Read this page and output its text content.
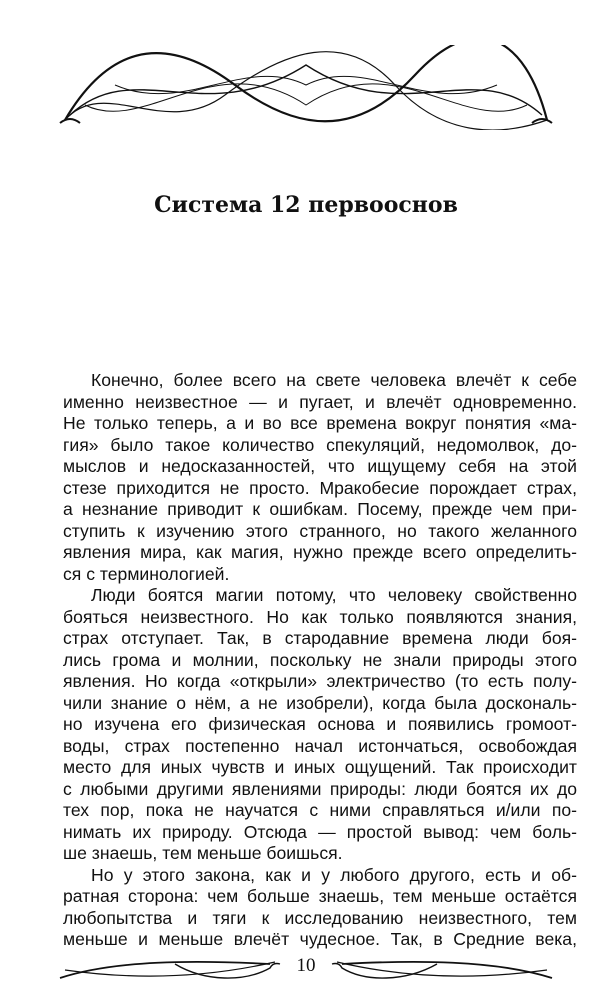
Система 12 первооснов
Конечно, более всего на свете человека влечёт к себе
именно неизвестное — и пугает, и влечёт одновременно.
Не только теперь, а и во все времена вокруг понятия «ма-
гия» было такое количество спекуляций, недомолвок, до-
мыслов и недосказанностей, что ищущему себя на этой
стезе приходится не просто. Мракобесие порождает страх,
а незнание приводит к ошибкам. Посему, прежде чем при-
ступить к изучению этого странного, но такого желанного
явления мира, как магия, нужно прежде всего определить-
ся с терминологией.
Люди боятся магии потому, что человеку свойственно
бояться неизвестного. Но как только появляются знания,
страх отступает. Так, в стародавние времена люди боя-
лись грома и молнии, поскольку не знали природы этого
явления. Но когда «открыли» электричество (то есть полу-
чили знание о нём, а не изобрели), когда была доскональ-
но изучена его физическая основа и появились громоот-
воды, страх постепенно начал истончаться, освобождая
место для иных чувств и иных ощущений. Так происходит
с любыми другими явлениями природы: люди боятся их до
тех пор, пока не научатся с ними справляться и/или по-
нимать их природу. Отсюда — простой вывод: чем боль-
ше знаешь, тем меньше боишься.
Но у этого закона, как и у любого другого, есть и об-
ратная сторона: чем больше знаешь, тем меньше остаётся
любопытства и тяги к исследованию неизвестного, тем
меньше и меньше влечёт чудесное. Так, в Средние века,
10
